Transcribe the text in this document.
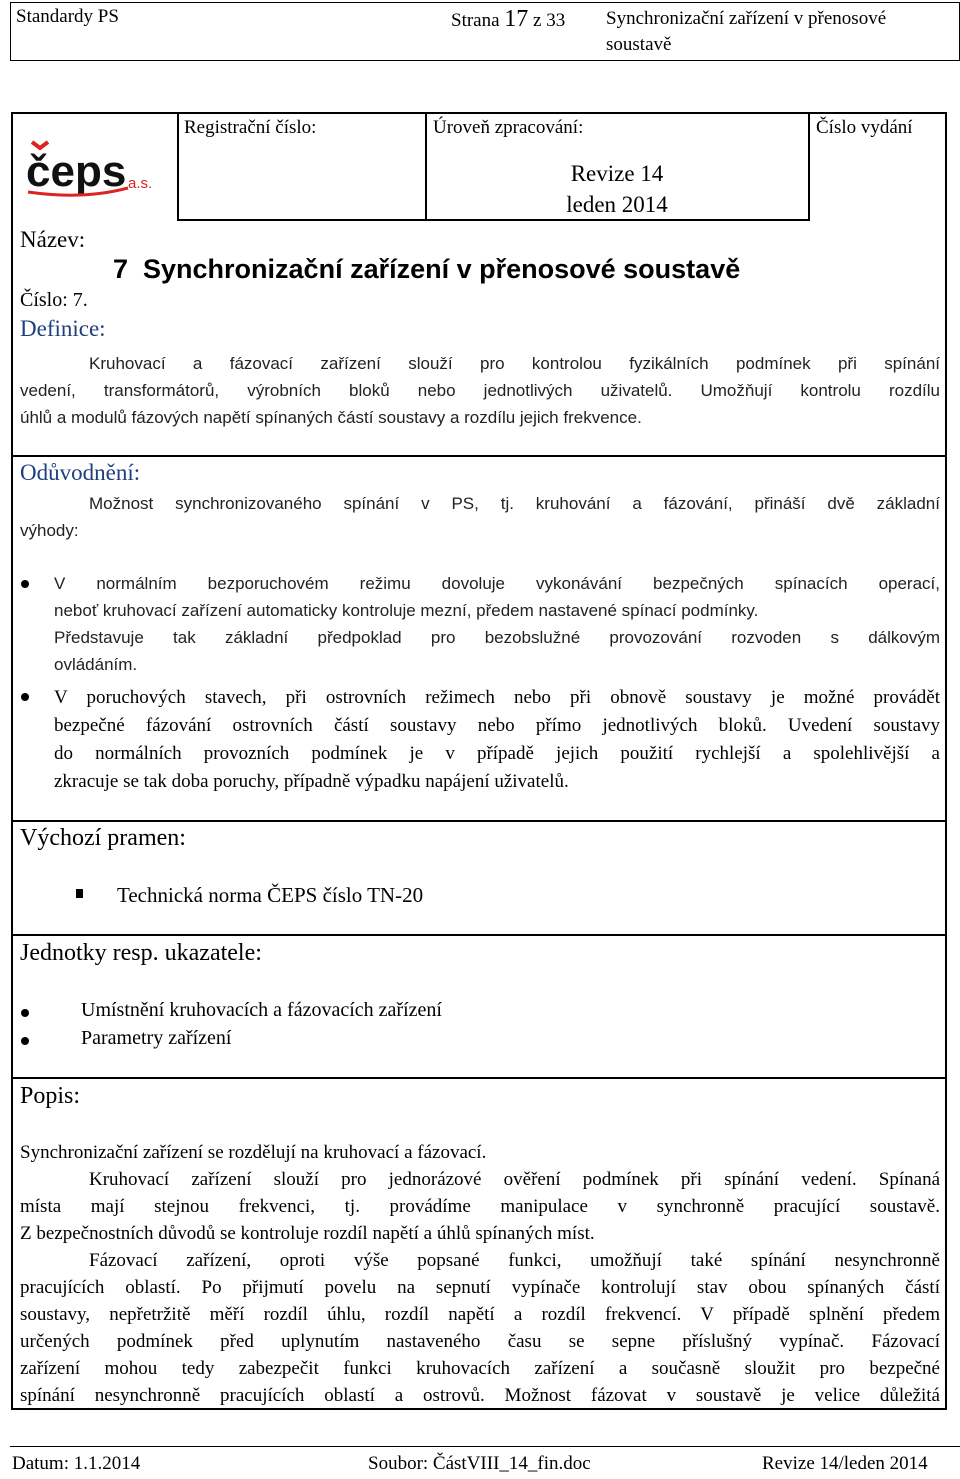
Standardy PS	Strana 17 z 33 Synchronizační zařízení v přenosové
soustavě
čeps a.s.
Registrační číslo:	Úroveň zpracování:	Číslo vydání
Revize 14
leden 2014
Název:
7  Synchronizační zařízení v přenosové soustavě
Číslo: 7.
Definice:
Kruhovací a fázovací zařízení slouží pro kontrolou fyzikálních podmínek při spínání
vedení, transformátorů, výrobních bloků nebo jednotlivých uživatelů. Umožňují kontrolu rozdílu
úhlů a modulů fázových napětí spínaných částí soustavy a rozdílu jejich frekvence.
Odůvodnění:
Možnost synchronizovaného spínání v PS, tj. kruhování a fázování, přináší dvě základní
výhody:
V normálním bezporuchovém režimu dovoluje vykonávání bezpečných spínacích operací,
neboť kruhovací zařízení automaticky kontroluje mezní, předem nastavené spínací podmínky.
Představuje tak základní předpoklad pro bezobslužné provozování rozvoden s dálkovým
ovládáním.
V poruchových stavech, při ostrovních režimech nebo při obnově soustavy je možné provádět
bezpečné fázování ostrovních částí soustavy nebo přímo jednotlivých bloků. Uvedení soustavy
do normálních provozních podmínek je v případě jejich použití rychlejší a spolehlivější a
zkracuje se tak doba poruchy, případně výpadku napájení uživatelů.
Výchozí pramen:
Technická norma ČEPS číslo TN-20
Jednotky resp. ukazatele:
Umístnění kruhovacích a fázovacích zařízení
Parametry zařízení
Popis:
Synchronizační zařízení se rozdělují na kruhovací a fázovací.
Kruhovací zařízení slouží pro jednorázové ověření podmínek při spínání vedení. Spínaná
místa mají stejnou frekvenci, tj. provádíme manipulace v synchronně pracující soustavě.
Z bezpečnostních důvodů se kontroluje rozdíl napětí a úhlů spínaných míst.
Fázovací zařízení, oproti výše popsané funkci, umožňují také spínání nesynchronně
pracujících oblastí. Po přijmutí povelu na sepnutí vypínače kontrolují stav obou spínaných částí
soustavy, nepřetržitě měří rozdíl úhlu, rozdíl napětí a rozdíl frekvencí. V případě splnění předem
určených podmínek před uplynutím nastaveného času se sepne příslušný vypínač. Fázovací
zařízení mohou tedy zabezpečit funkci kruhovacích zařízení a současně sloužit pro bezpečné
spínání nesynchronně pracujících oblastí a ostrovů. Možnost fázovat v soustavě je velice důležitá
Datum: 1.1.2014	Soubor: ČástVIII_14_fin.doc	Revize 14/leden 2014
